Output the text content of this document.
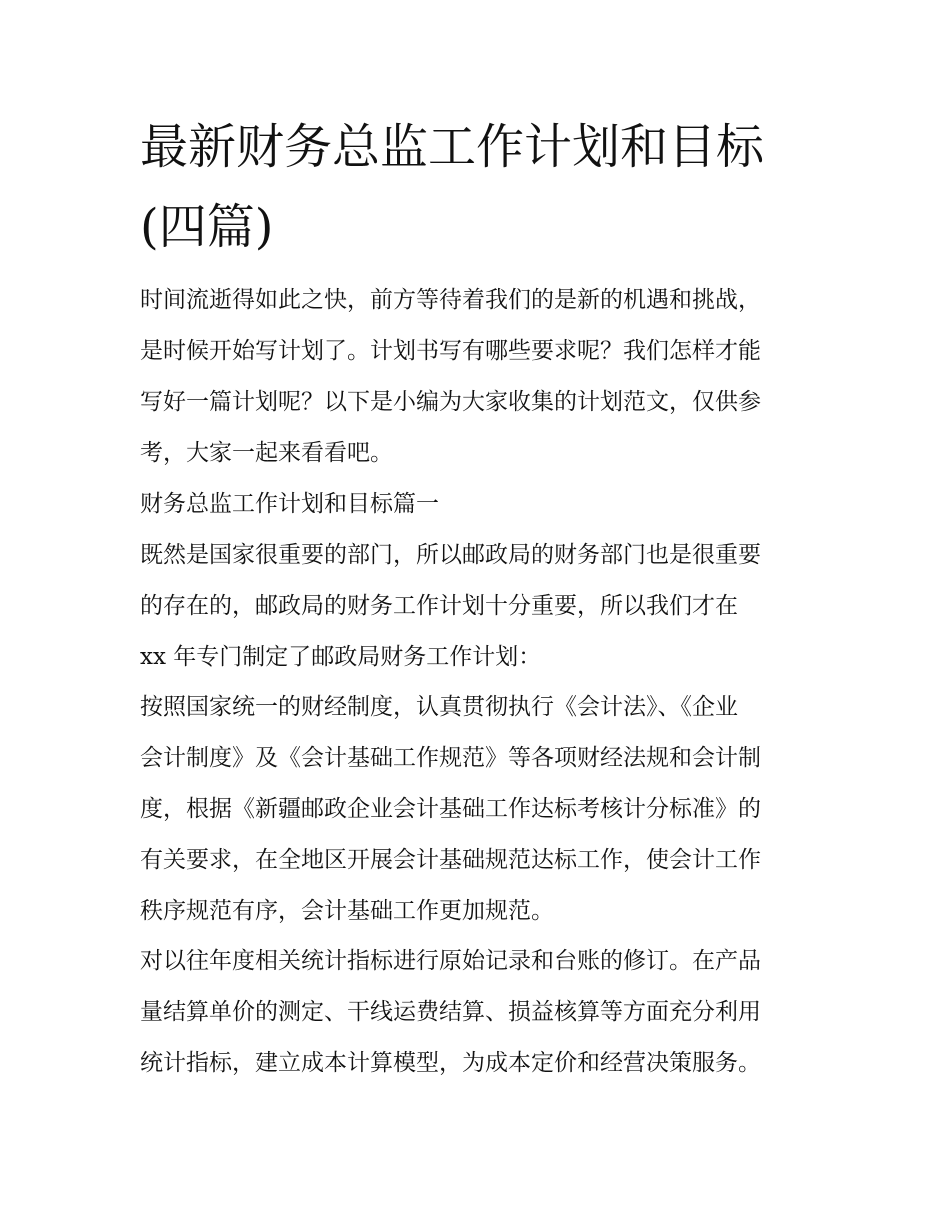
最新财务总监工作计划和目标
(四篇)
时间流逝得如此之快，前方等待着我们的是新的机遇和挑战，
是时候开始写计划了。计划书写有哪些要求呢？我们怎样才能
写好一篇计划呢？以下是小编为大家收集的计划范文，仅供参
考，大家一起来看看吧。
财务总监工作计划和目标篇一
既然是国家很重要的部门，所以邮政局的财务部门也是很重要
的存在的，邮政局的财务工作计划十分重要，所以我们才在
xx 年专门制定了邮政局财务工作计划：
按照国家统一的财经制度，认真贯彻执行《会计法》、《企业
会计制度》及《会计基础工作规范》等各项财经法规和会计制
度，根据《新疆邮政企业会计基础工作达标考核计分标准》的
有关要求，在全地区开展会计基础规范达标工作，使会计工作
秩序规范有序，会计基础工作更加规范。
对以往年度相关统计指标进行原始记录和台账的修订。在产品
量结算单价的测定、干线运费结算、损益核算等方面充分利用
统计指标，建立成本计算模型，为成本定价和经营决策服务。
